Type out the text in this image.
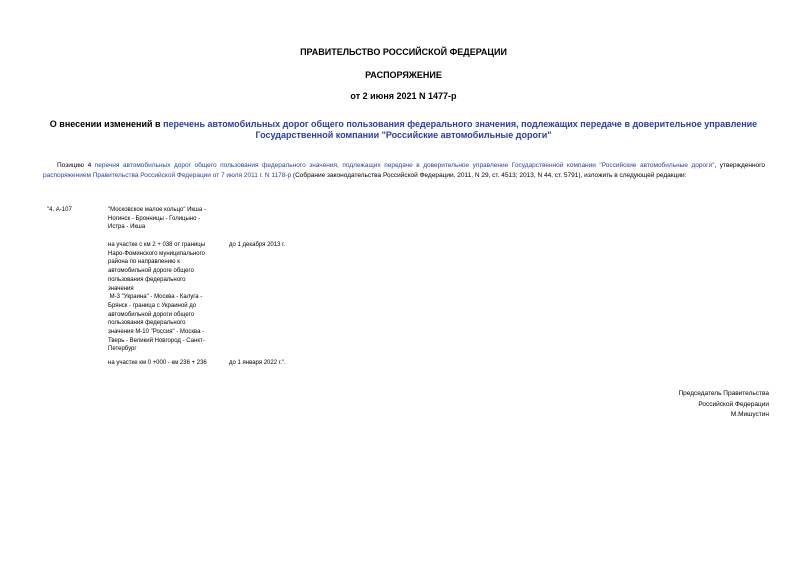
ПРАВИТЕЛЬСТВО РОССИЙСКОЙ ФЕДЕРАЦИИ
РАСПОРЯЖЕНИЕ
от 2 июня 2021 N 1477-р
О внесении изменений в перечень автомобильных дорог общего пользования федерального значения, подлежащих передаче в доверительное управление Государственной компании "Российские автомобильные дороги"
Позицию 4 перечня автомобильных дорог общего пользования федерального значения, подлежащих передаче в доверительное управление Государственной компании "Российские автомобильные дороги", утвержденного распоряжением Правительства Российской Федерации от 7 июля 2011 г. N 1178-р (Собрание законодательства Российской Федерации, 2011, N 29, ст. 4513; 2013, N 44, ст. 5791), изложить в следующей редакции:
"4. А-107	"Московское малое кольцо" Икша -
Ногинск - Бронницы - Голицыно -
Истра - Икша
на участке с км 2 + 038 от границы
Наро-Фоминского муниципального
района по направлению к
автомобильной дороге общего
пользования федерального
значения
М-3 "Украина" - Москва - Калуга -
Брянск - граница с Украиной до
автомобильной дороги общего
пользования федерального
значения М-10 "Россия" - Москва -
Тверь - Великий Новгород - Санкт-
Петербург
до 1 декабря 2013 г.
на участке км 0 +000 - км 236 + 236	до 1 января 2022 г.".
Председатель Правительства
Российской Федерации
М.Мишустин
